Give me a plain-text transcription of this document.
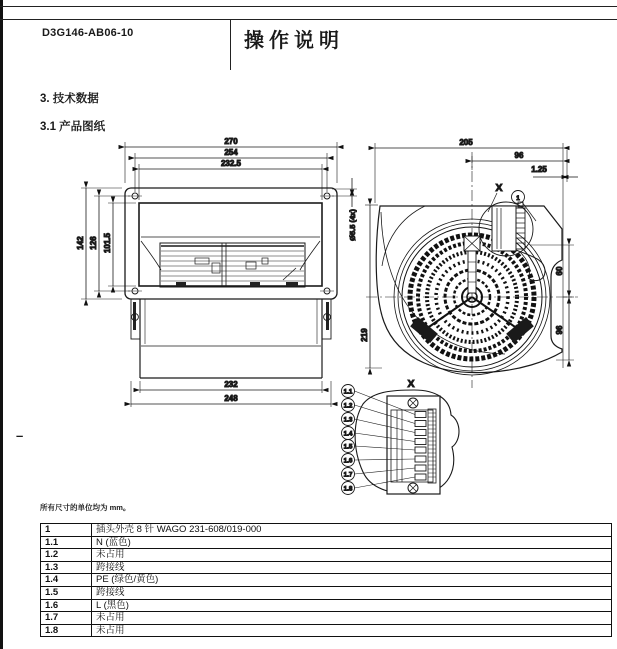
D3G146-AB06-10	操作说明
3. 技术数据
3.1 产品图纸
–
270
254
232.5
142 126 101.5
232
248
Ø5.5 (4x)
205
96
1.25
219
X
1
60
96
X
1.1
1.2
1.3
1.4
1.5
1.6
1.7
1.8
所有尺寸的单位均为 mm。
1	插头外壳 8 针 WAGO 231-608/019-000
1.1	N (蓝色)
1.2	未占用
1.3	跨接线
1.4	PE (绿色/黄色)
1.5	跨接线
1.6	L (黑色)
1.7	未占用
1.8	未占用
